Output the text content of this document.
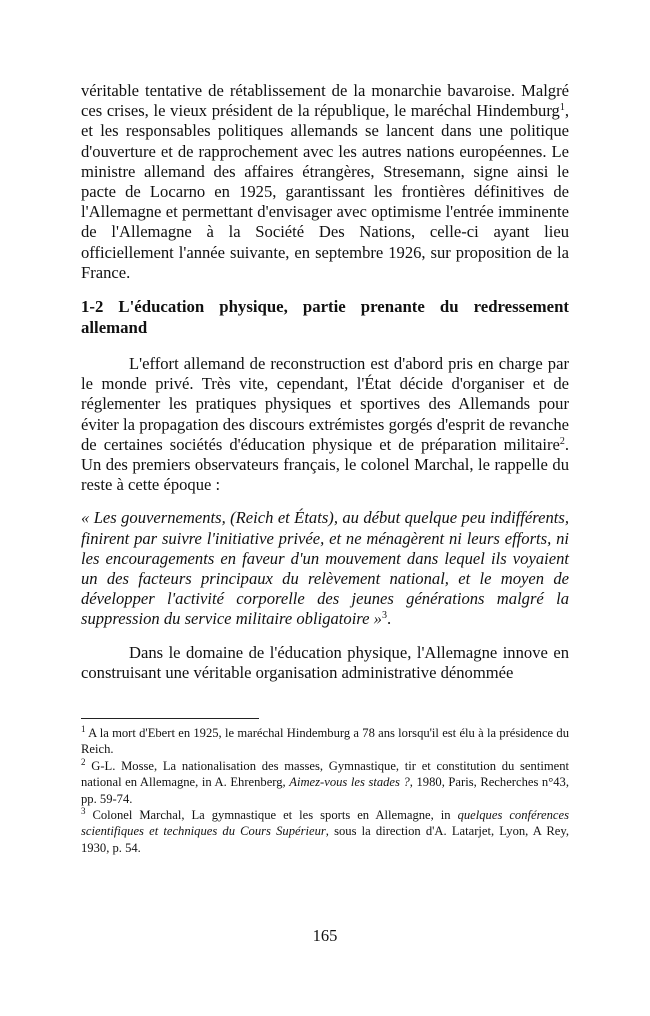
véritable tentative de rétablissement de la monarchie bavaroise. Malgré ces crises, le vieux président de la république, le maréchal Hindemburg$^1$, et les responsables politiques allemands se lancent dans une politique d'ouverture et de rapprochement avec les autres nations européennes. Le ministre allemand des affaires étrangères, Stresemann, signe ainsi le pacte de Locarno en 1925, garantissant les frontières définitives de l'Allemagne et permettant d'envisager avec optimisme l'entrée imminente de l'Allemagne à la Société Des Nations, celle-ci ayant lieu officiellement l'année suivante, en septembre 1926, sur proposition de la France.

1-2 L'éducation physique, partie prenante du redressement allemand

L'effort allemand de reconstruction est d'abord pris en charge par le monde privé. Très vite, cependant, l'État décide d'organiser et de réglementer les pratiques physiques et sportives des Allemands pour éviter la propagation des discours extrémistes gorgés d'esprit de revanche de certaines sociétés d'éducation physique et de préparation militaire$^2$. Un des premiers observateurs français, le colonel Marchal, le rappelle du reste à cette époque :

« Les gouvernements, (Reich et États), au début quelque peu indifférents, finirent par suivre l'initiative privée, et ne ménagèrent ni leurs efforts, ni les encouragements en faveur d'un mouvement dans lequel ils voyaient un des facteurs principaux du relèvement national, et le moyen de développer l'activité corporelle des jeunes générations malgré la suppression du service militaire obligatoire »$^3$.

Dans le domaine de l'éducation physique, l'Allemagne innove en construisant une véritable organisation administrative dénommée

$^1$ A la mort d'Ebert en 1925, le maréchal Hindemburg a 78 ans lorsqu'il est élu à la présidence du Reich.

$^2$ G-L. Mosse, La nationalisation des masses, Gymnastique, tir et constitution du sentiment national en Allemagne, in A. Ehrenberg, Aimez-vous les stades ?, 1980, Paris, Recherches n°43, pp. 59-74.

$^3$ Colonel Marchal, La gymnastique et les sports en Allemagne, in quelques conférences scientifiques et techniques du Cours Supérieur, sous la direction d'A. Latarjet, Lyon, A Rey, 1930, p. 54.

165
